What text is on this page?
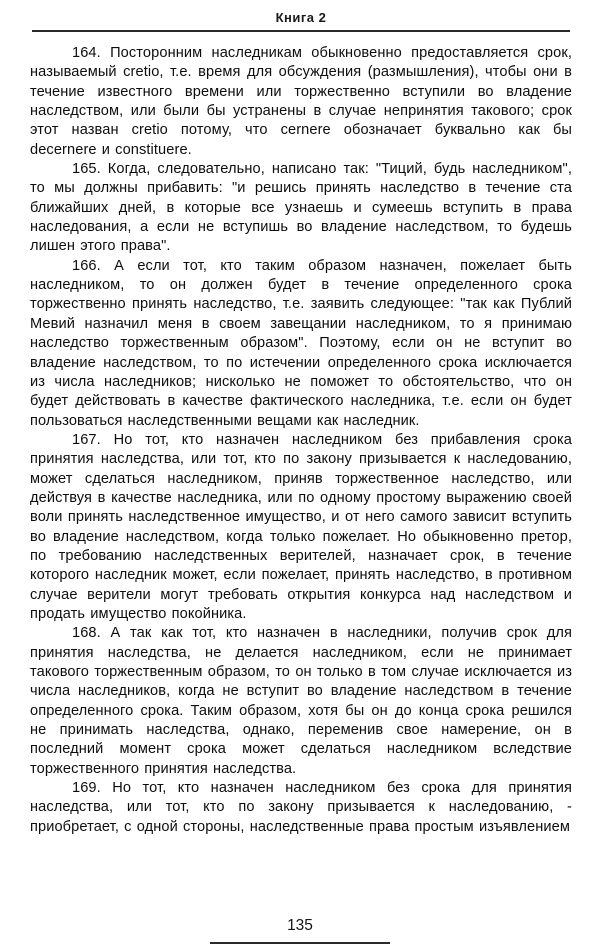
Книга 2

164. Посторонним наследникам обыкновенно предоставляется срок, называемый cretio, т.е. время для обсуждения (размышления), чтобы они в течение известного времени или торжественно вступили во владение наследством, или были бы устранены в случае непринятия такового; срок этот назван cretio потому, что cernere обозначает буквально как бы decernere и constituere.

165. Когда, следовательно, написано так: "Тиций, будь наследником", то мы должны прибавить: "и решись принять наследство в течение ста ближайших дней, в которые все узнаешь и сумеешь вступить в права наследования, а если не вступишь во владение наследством, то будешь лишен этого права".

166. А если тот, кто таким образом назначен, пожелает быть наследником, то он должен будет в течение определенного срока торжественно принять наследство, т.е. заявить следующее: "так как Публий Мевий назначил меня в своем завещании наследником, то я принимаю наследство торжественным образом". Поэтому, если он не вступит во владение наследством, то по истечении определенного срока исключается из числа наследников; нисколько не поможет то обстоятельство, что он будет действовать в качестве фактического наследника, т.е. если он будет пользоваться наследственными вещами как наследник.

167. Но тот, кто назначен наследником без прибавления срока принятия наследства, или тот, кто по закону призывается к наследованию, может сделаться наследником, приняв торжественное наследство, или действуя в качестве наследника, или по одному простому выражению своей воли принять наследственное имущество, и от него самого зависит вступить во владение наследством, когда только пожелает. Но обыкновенно претор, по требованию наследственных верителей, назначает срок, в течение которого наследник может, если пожелает, принять наследство, в противном случае верители могут требовать открытия конкурса над наследством и продать имущество покойника.

168. А так как тот, кто назначен в наследники, получив срок для принятия наследства, не делается наследником, если не принимает такового торжественным образом, то он только в том случае исключается из числа наследников, когда не вступит во владение наследством в течение определенного срока. Таким образом, хотя бы он до конца срока решился не принимать наследства, однако, переменив свое намерение, он в последний момент срока может сделаться наследником вследствие торжественного принятия наследства.

169. Но тот, кто назначен наследником без срока для принятия наследства, или тот, кто по закону призывается к наследованию, - приобретает, с одной стороны, наследственные права простым изъявлением

135
